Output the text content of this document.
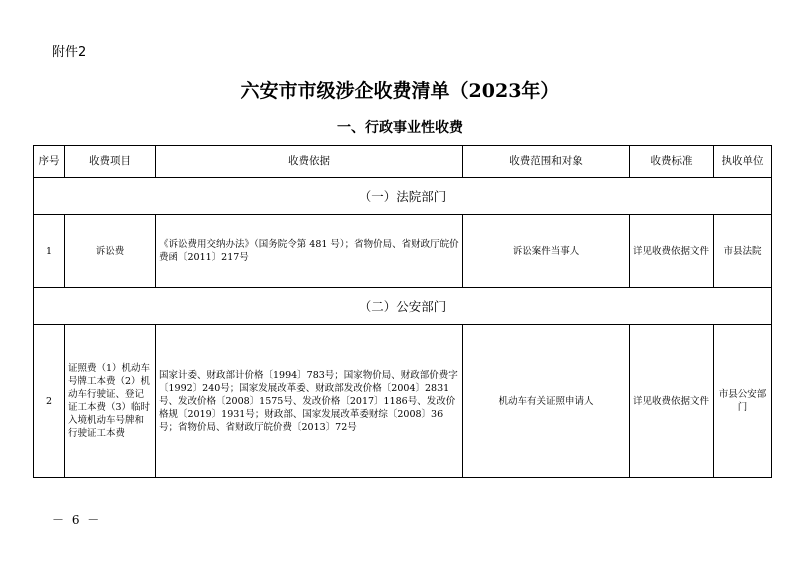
附件2
六安市市级涉企收费清单（2023年）
一、行政事业性收费
序号	收费项目	收费依据	收费范围和对象	收费标准	执收单位
（一）法院部门					
1	诉讼费	《诉讼费用交纳办法》（国务院令第 481 号）；省物价局、省财政厅皖价费函〔2011〕217号	诉讼案件当事人	详见收费依据文件	市县法院
（二）公安部门					
2	证照费（1）机动车号牌工本费（2）机动车行驶证、登记证工本费（3）临时入境机动车号牌和行驶证工本费	国家计委、财政部计价格〔1994〕783号；国家物价局、财政部价费字〔1992〕240号；国家发展改革委、财政部发改价格〔2004〕2831号、发改价格〔2008〕1575号、发改价格〔2017〕1186号、发改价格规〔2019〕1931号；财政部、国家发展改革委财综〔2008〕36号；省物价局、省财政厅皖价费〔2013〕72号	机动车有关证照申请人	详见收费依据文件	市县公安部门
－ 6 －
